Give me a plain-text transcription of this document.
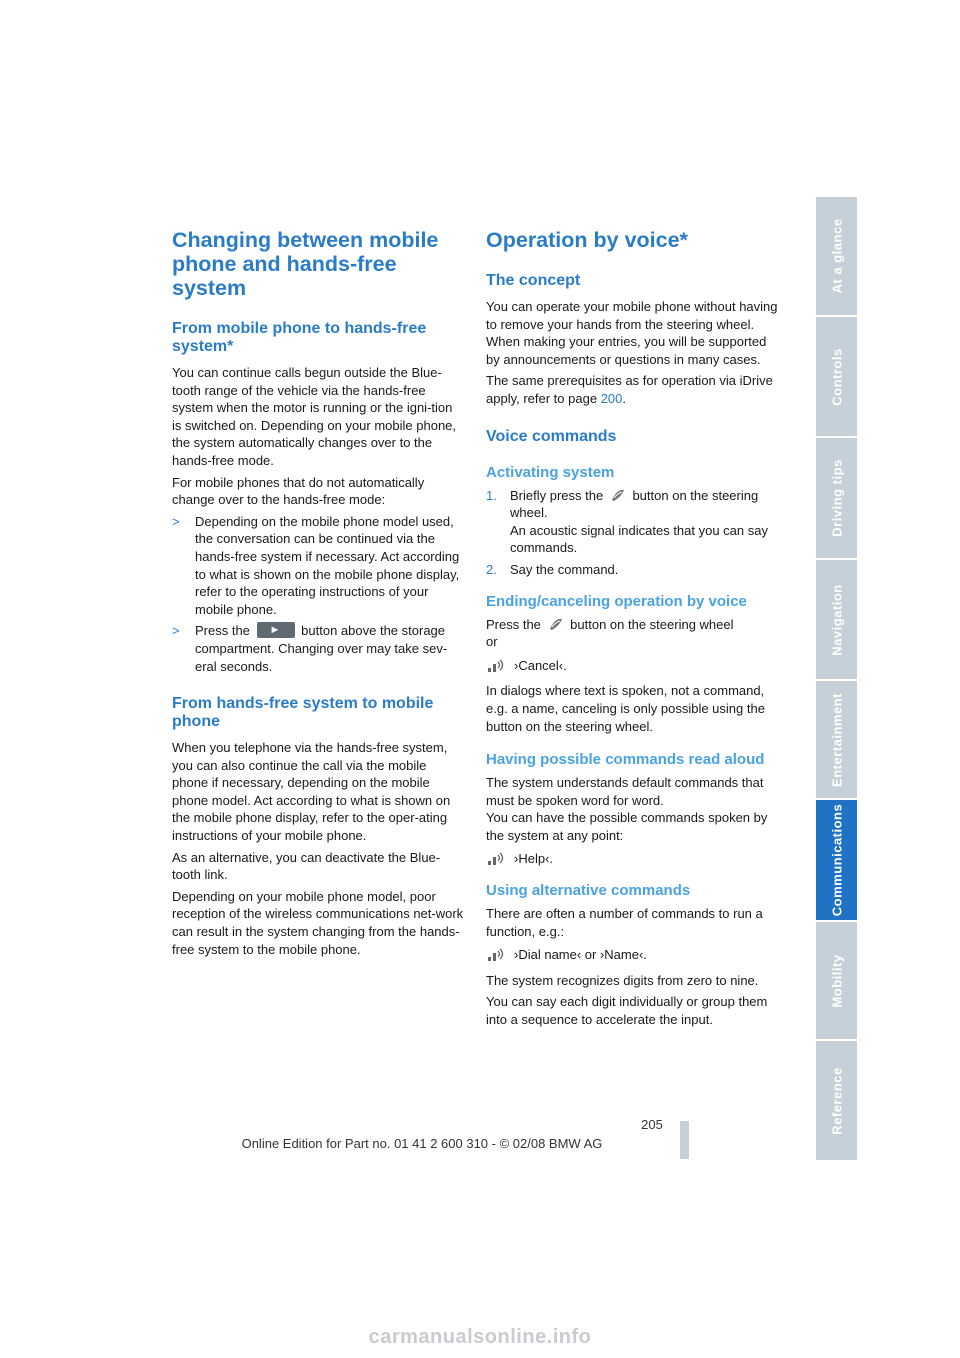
Changing between mobile phone and hands-free system
From mobile phone to hands-free system*

You can continue calls begun outside the Blue-tooth range of the vehicle via the hands-free system when the motor is running or the igni-tion is switched on. Depending on your mobile phone, the system automatically changes over to the hands-free mode.

For mobile phones that do not automatically change over to the hands-free mode:

> Depending on the mobile phone model used, the conversation can be continued via the hands-free system if necessary. Act according to what is shown on the mobile phone display, refer to the operating instructions of your mobile phone.
> Press the ► button above the storage compartment. Changing over may take sev-eral seconds.
From hands-free system to mobile phone

When you telephone via the hands-free system, you can also continue the call via the mobile phone if necessary, depending on the mobile phone model. Act according to what is shown on the mobile phone display, refer to the oper-ating instructions of your mobile phone.

As an alternative, you can deactivate the Blue-tooth link.

Depending on your mobile phone model, poor reception of the wireless communications net-work can result in the system changing from the hands-free system to the mobile phone.

Operation by voice*
The concept

You can operate your mobile phone without having to remove your hands from the steering wheel. When making your entries, you will be supported by announcements or questions in many cases.

The same prerequisites as for operation via iDrive apply, refer to page 200.

Voice commands
Activating system
1. Briefly press the button on the steering wheel.
An acoustic signal indicates that you can say commands.
2. Say the command.
Ending/canceling operation by voice

Press the button on the steering wheel
or

›Cancel‹.

In dialogs where text is spoken, not a command, e.g. a name, canceling is only possible using the button on the steering wheel.

Having possible commands read aloud

The system understands default commands that must be spoken word for word.
You can have the possible commands spoken by the system at any point:

›Help‹.
Using alternative commands

There are often a number of commands to run a function, e.g.:

›Dial name‹ or ›Name‹.

The system recognizes digits from zero to nine.

You can say each digit individually or group them into a sequence to accelerate the input.

At a glance
Controls
Driving tips
Navigation
Entertainment
Communications
Mobility
Reference
205
Online Edition for Part no. 01 41 2 600 310 - © 02/08 BMW AG
carmanualsonline.info
